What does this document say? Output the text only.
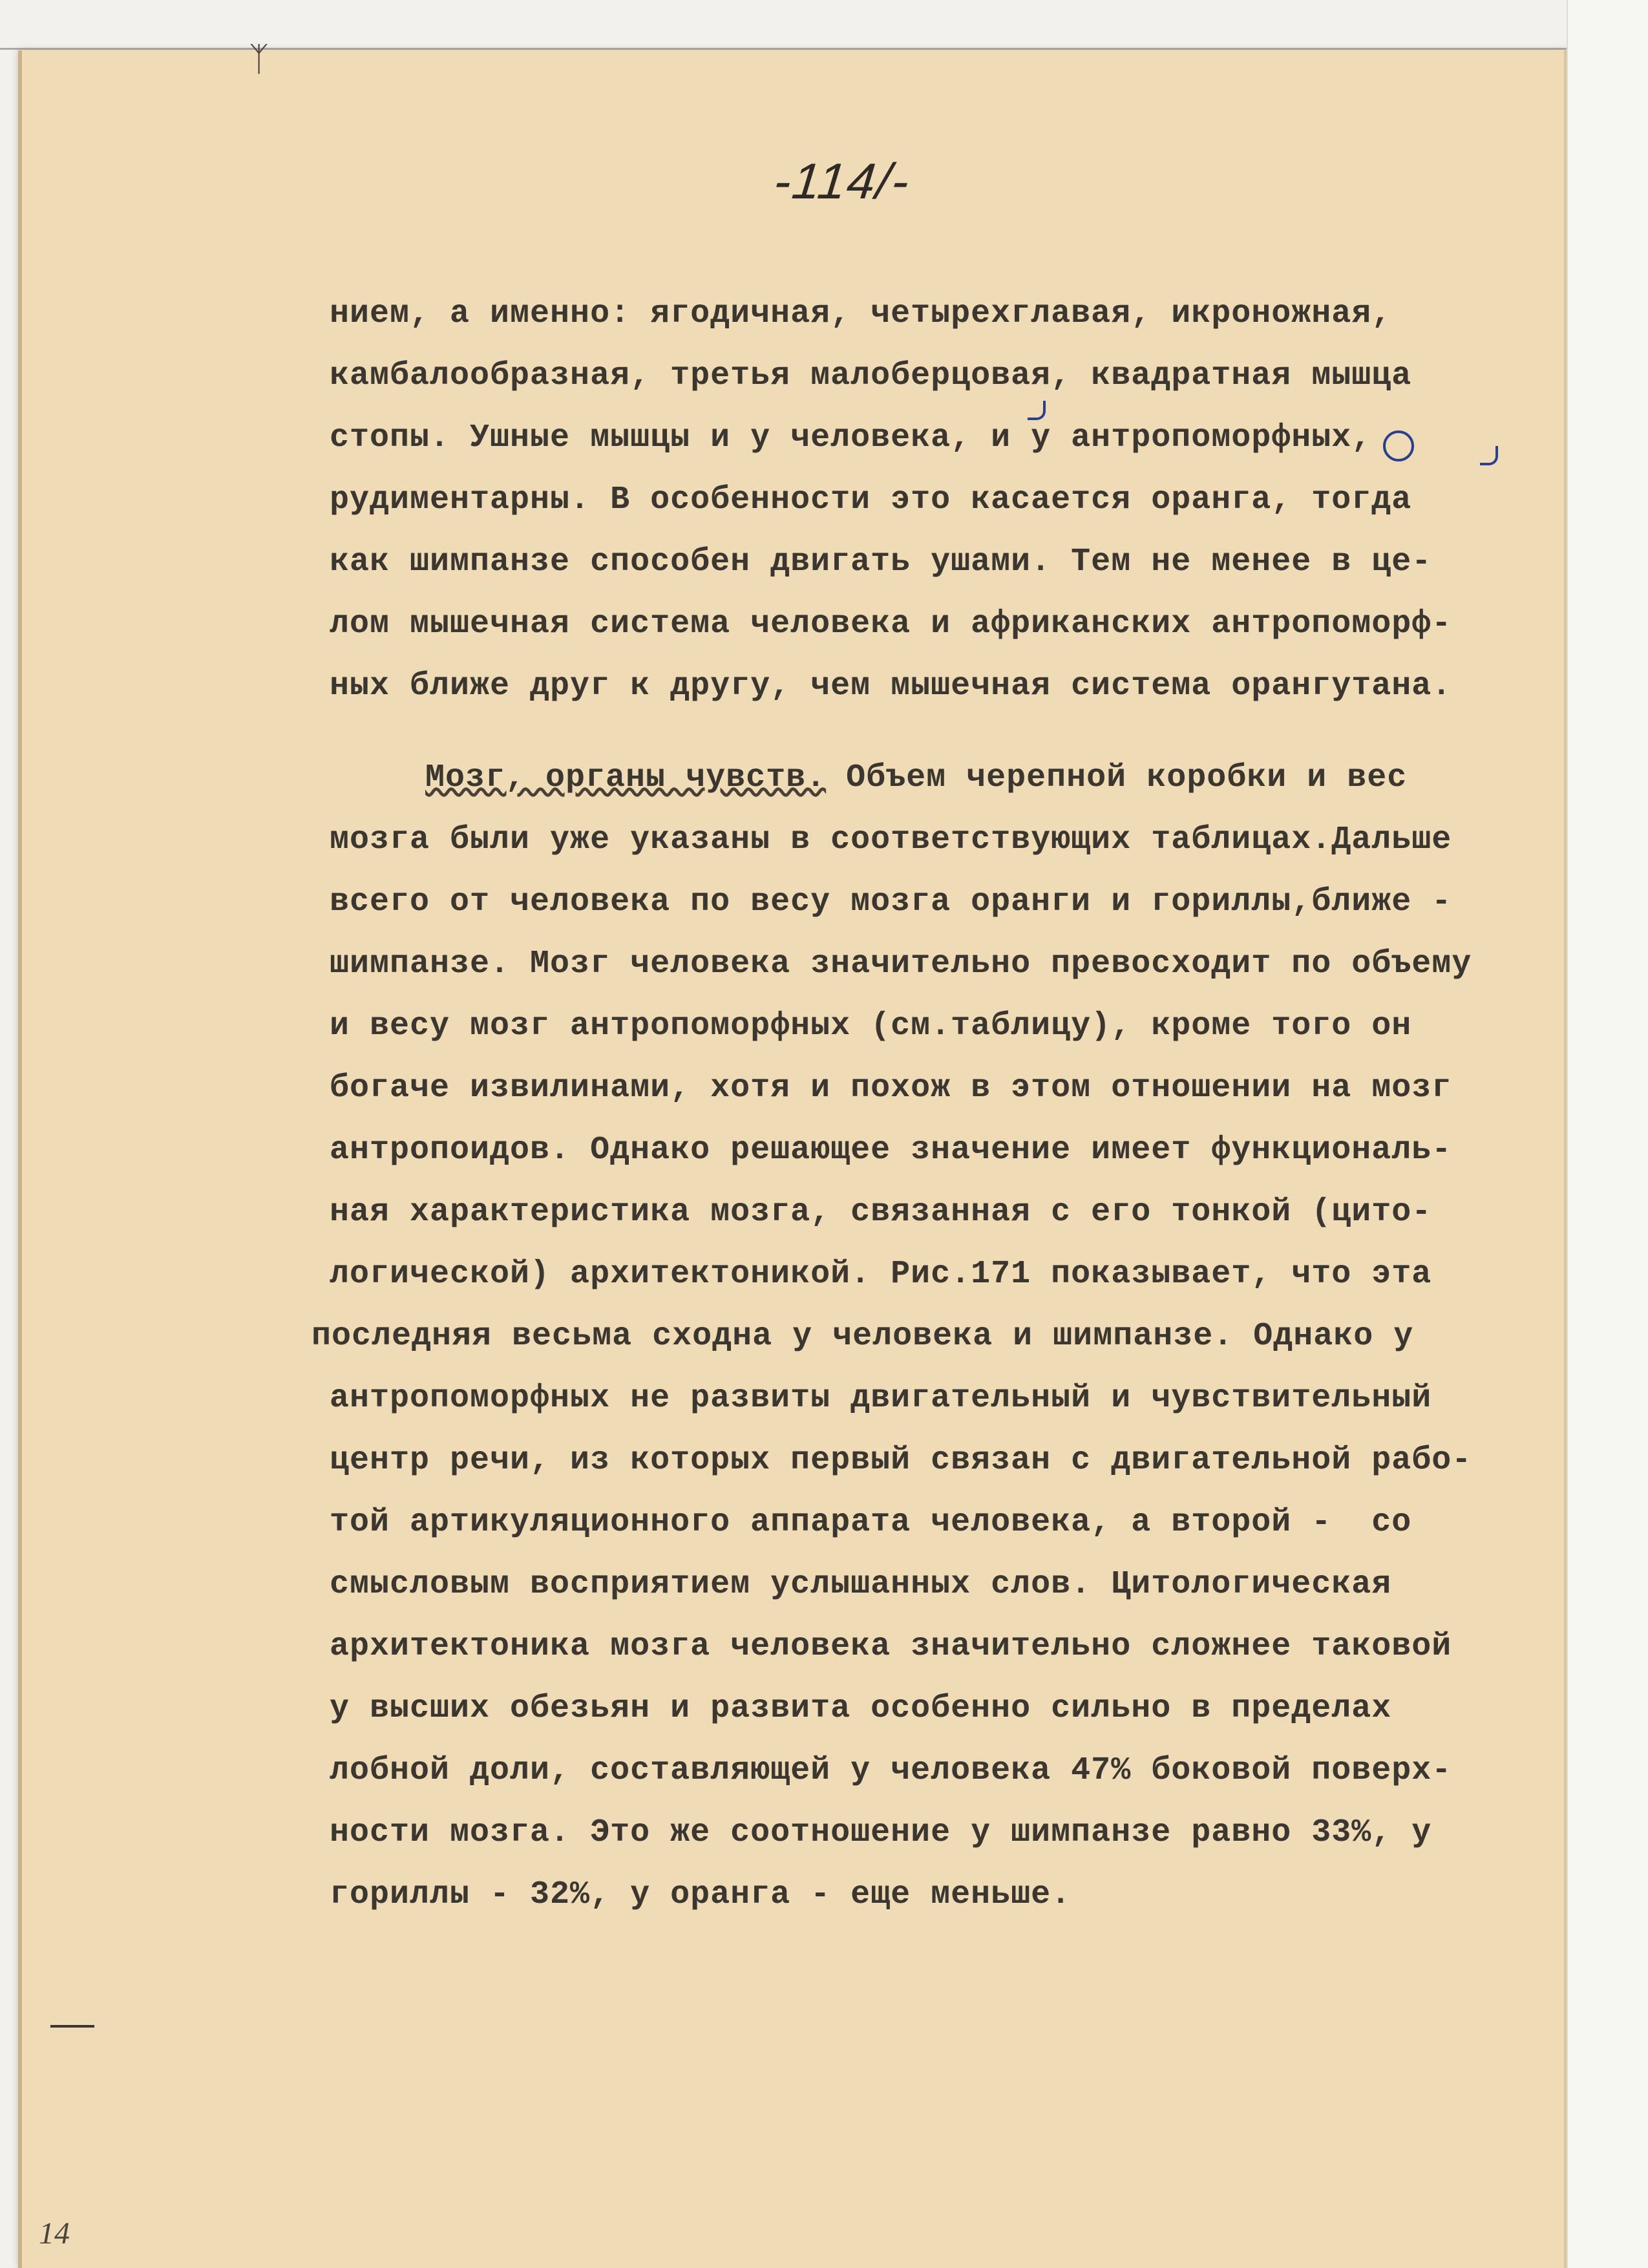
ᛉ
-114/-
нием, а именно: ягодичная, четырехглавая, икроножная,
камбалообразная, третья малоберцовая, квадратная мышца
стопы. Ушные мышцы и у человека, и у антропоморфных,
рудиментарны. В особенности это касается оранга, тогда
как шимпанзе способен двигать ушами. Тем не менее в це-
лом мышечная система человека и африканских антропоморф-
ных ближе друг к другу, чем мышечная система орангутана.
Мозг, органы чувств. Объем черепной коробки и вес
мозга были уже указаны в соответствующих таблицах.Дальше
всего от человека по весу мозга оранги и гориллы,ближе -
шимпанзе. Мозг человека значительно превосходит по объему
и весу мозг антропоморфных (см.таблицу), кроме того он
богаче извилинами, хотя и похож в этом отношении на мозг
антропоидов. Однако решающее значение имеет функциональ-
ная характеристика мозга, связанная с его тонкой (цито-
логической) архитектоникой. Рис.171 показывает, что эта
последняя весьма сходна у человека и шимпанзе. Однако у
антропоморфных не развиты двигательный и чувствительный
центр речи, из которых первый связан с двигательной рабо-
той артикуляционного аппарата человека, а второй -  со
смысловым восприятием услышанных слов. Цитологическая
архитектоника мозга человека значительно сложнее таковой
у высших обезьян и развита особенно сильно в пределах
лобной доли, составляющей у человека 47% боковой поверх-
ности мозга. Это же соотношение у шимпанзе равно 33%, у
гориллы - 32%, у оранга - еще меньше.
14
